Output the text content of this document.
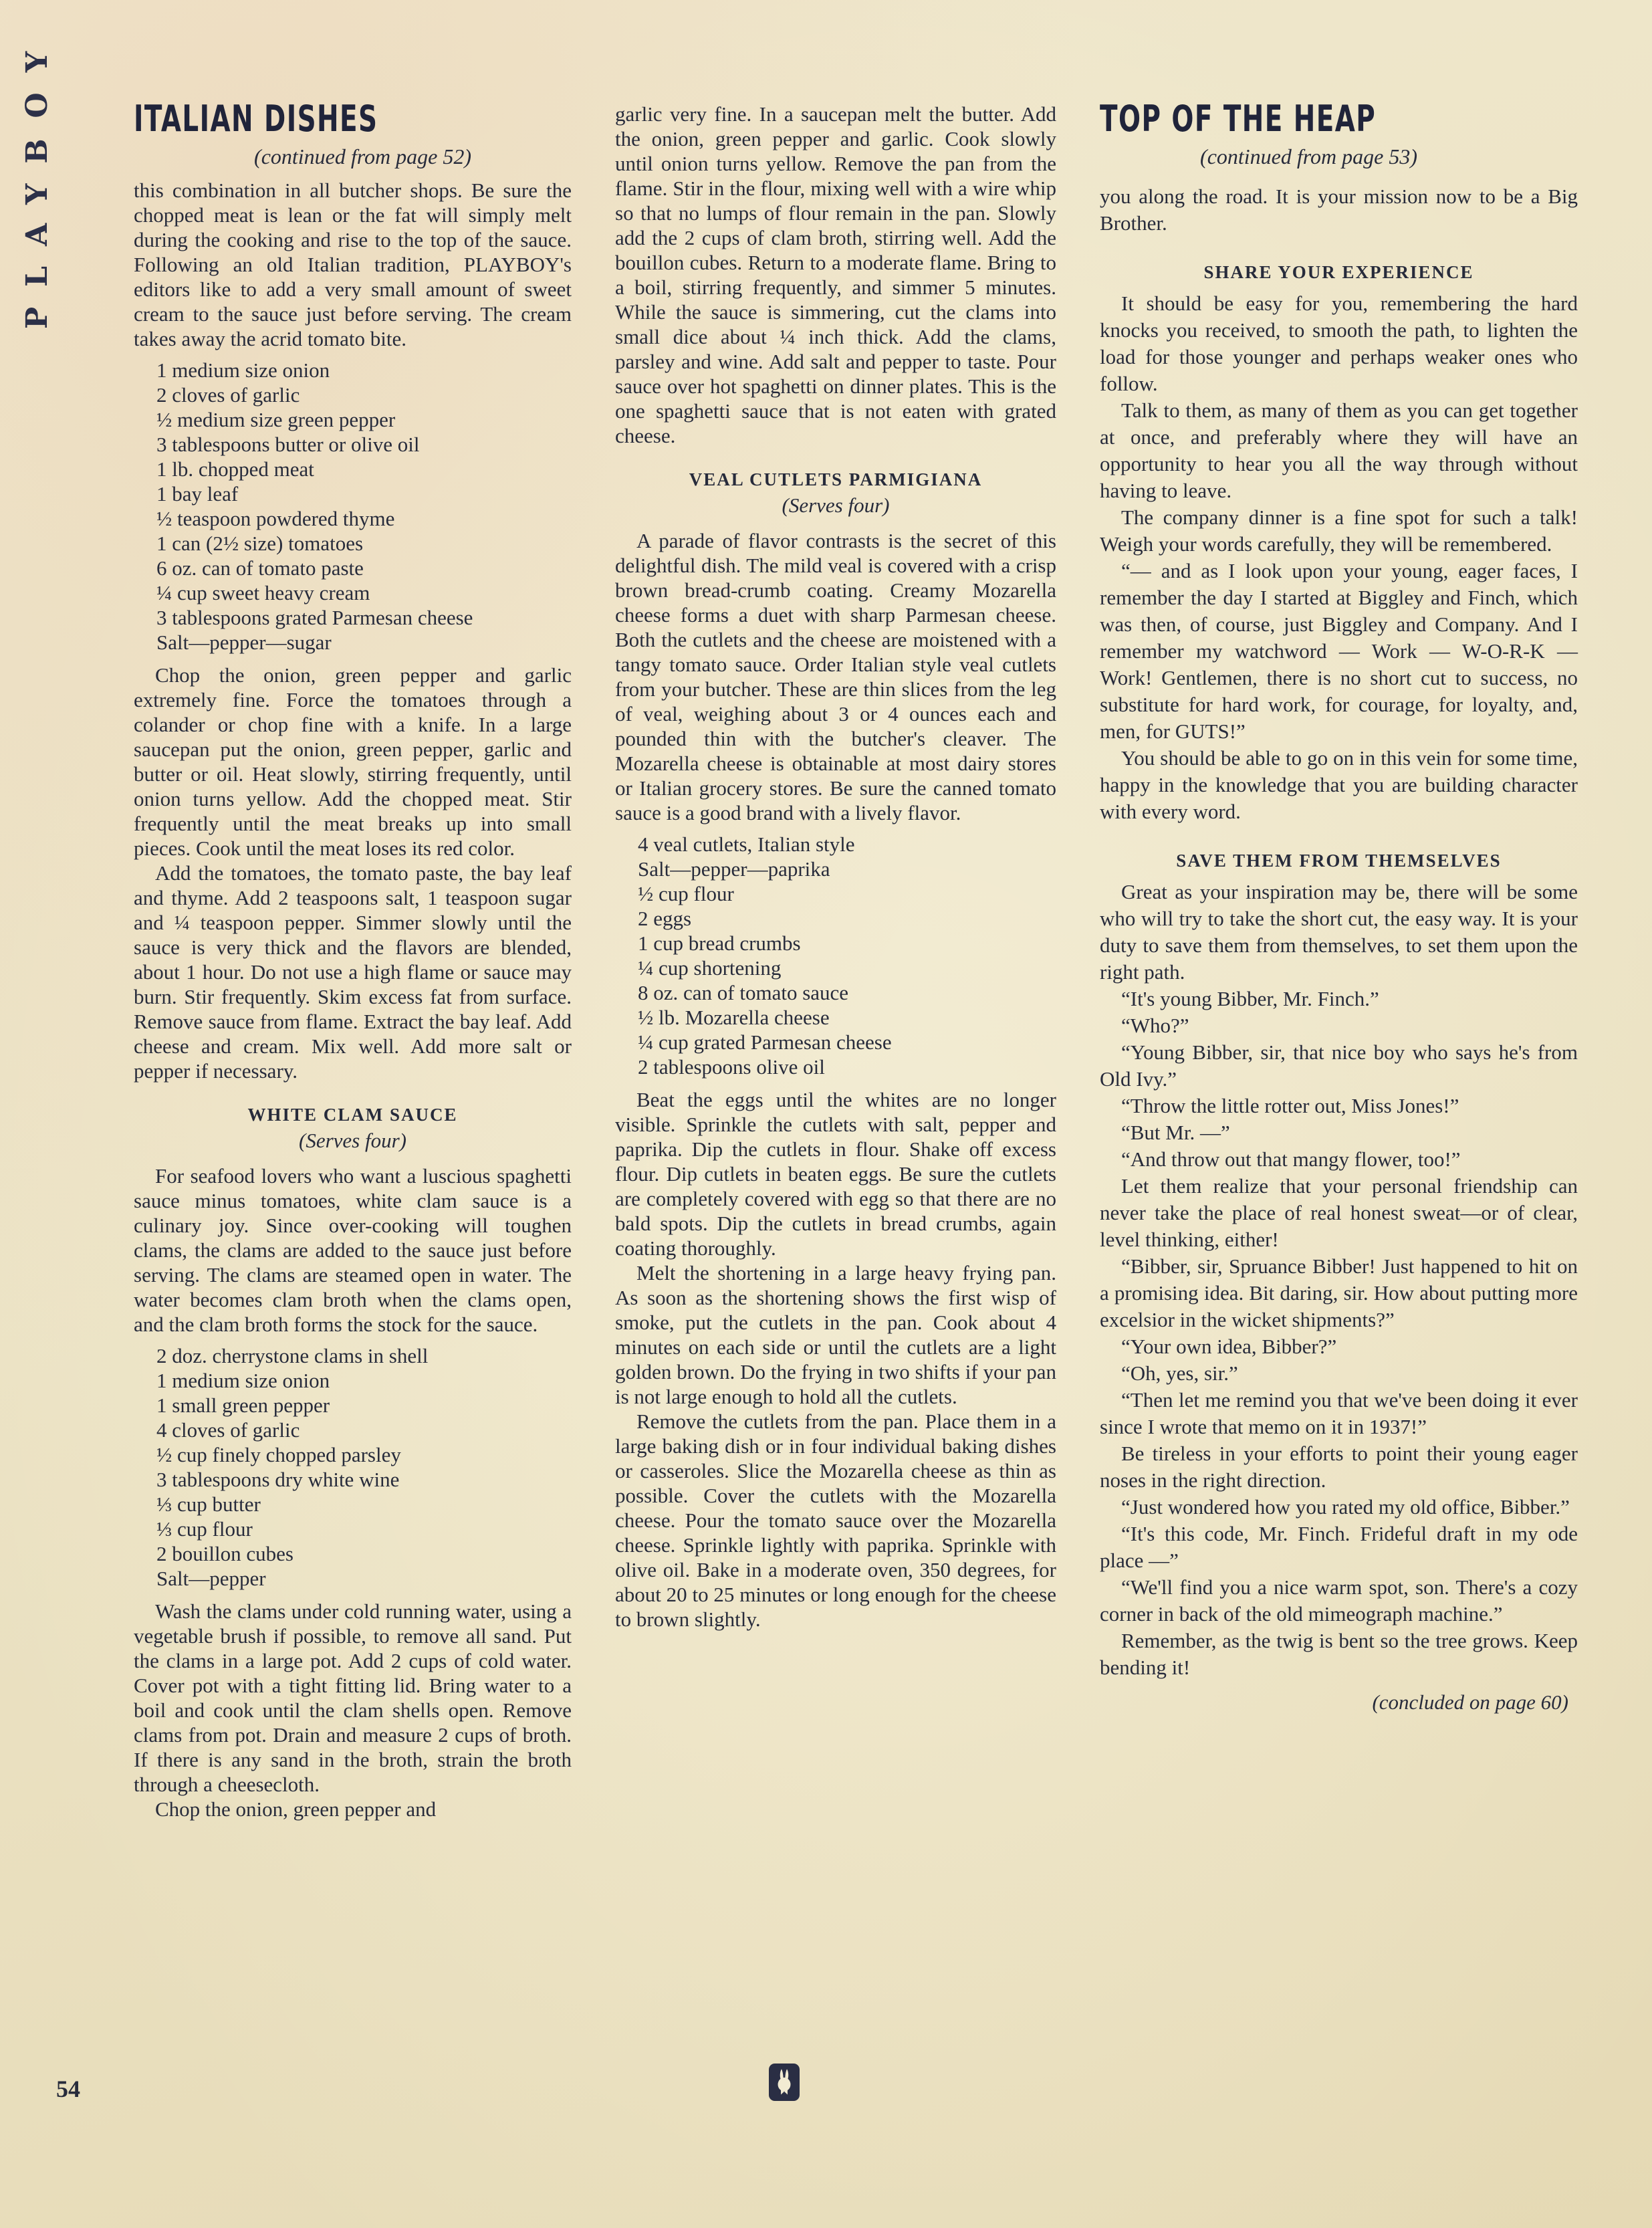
PLAYBOY ITALIAN DISHES
(continued from page 52)

this combination in all butcher shops. Be sure the chopped meat is lean or the fat will simply melt during the cooking and rise to the top of the sauce. Following an old Italian tradition, PLAYBOY's editors like to add a very small amount of sweet cream to the sauce just before serving. The cream takes away the acrid tomato bite.

1 medium size onion
2 cloves of garlic
½ medium size green pepper
3 tablespoons butter or olive oil
1 lb. chopped meat
1 bay leaf
½ teaspoon powdered thyme
1 can (2½ size) tomatoes
6 oz. can of tomato paste
¼ cup sweet heavy cream
3 tablespoons grated Parmesan cheese
Salt—pepper—sugar

Chop the onion, green pepper and garlic extremely fine. Force the tomatoes through a colander or chop fine with a knife. In a large saucepan put the onion, green pepper, garlic and butter or oil. Heat slowly, stirring frequently, until onion turns yellow. Add the chopped meat. Stir frequently until the meat breaks up into small pieces. Cook until the meat loses its red color.

Add the tomatoes, the tomato paste, the bay leaf and thyme. Add 2 teaspoons salt, 1 teaspoon sugar and ¼ teaspoon pepper. Simmer slowly until the sauce is very thick and the flavors are blended, about 1 hour. Do not use a high flame or sauce may burn. Stir frequently. Skim excess fat from surface. Remove sauce from flame. Extract the bay leaf. Add cheese and cream. Mix well. Add more salt or pepper if necessary.

WHITE CLAM SAUCE
(Serves four)

For seafood lovers who want a luscious spaghetti sauce minus tomatoes, white clam sauce is a culinary joy. Since over-cooking will toughen clams, the clams are added to the sauce just before serving. The clams are steamed open in water. The water becomes clam broth when the clams open, and the clam broth forms the stock for the sauce.

2 doz. cherrystone clams in shell
1 medium size onion
1 small green pepper
4 cloves of garlic
½ cup finely chopped parsley
3 tablespoons dry white wine
⅓ cup butter
⅓ cup flour
2 bouillon cubes
Salt—pepper

Wash the clams under cold running water, using a vegetable brush if possible, to remove all sand. Put the clams in a large pot. Add 2 cups of cold water. Cover pot with a tight fitting lid. Bring water to a boil and cook until the clam shells open. Remove clams from pot. Drain and measure 2 cups of broth. If there is any sand in the broth, strain the broth through a cheesecloth.

Chop the onion, green pepper and

garlic very fine. In a saucepan melt the butter. Add the onion, green pepper and garlic. Cook slowly until onion turns yellow. Remove the pan from the flame. Stir in the flour, mixing well with a wire whip so that no lumps of flour remain in the pan. Slowly add the 2 cups of clam broth, stirring well. Add the bouillon cubes. Return to a moderate flame. Bring to a boil, stirring frequently, and simmer 5 minutes. While the sauce is simmering, cut the clams into small dice about ¼ inch thick. Add the clams, parsley and wine. Add salt and pepper to taste. Pour sauce over hot spaghetti on dinner plates. This is the one spaghetti sauce that is not eaten with grated cheese.

VEAL CUTLETS PARMIGIANA
(Serves four)

A parade of flavor contrasts is the secret of this delightful dish. The mild veal is covered with a crisp brown bread-crumb coating. Creamy Mozarella cheese forms a duet with sharp Parmesan cheese. Both the cutlets and the cheese are moistened with a tangy tomato sauce. Order Italian style veal cutlets from your butcher. These are thin slices from the leg of veal, weighing about 3 or 4 ounces each and pounded thin with the butcher's cleaver. The Mozarella cheese is obtainable at most dairy stores or Italian grocery stores. Be sure the canned tomato sauce is a good brand with a lively flavor.

4 veal cutlets, Italian style
Salt—pepper—paprika
½ cup flour
2 eggs
1 cup bread crumbs
¼ cup shortening
8 oz. can of tomato sauce
½ lb. Mozarella cheese
¼ cup grated Parmesan cheese
2 tablespoons olive oil

Beat the eggs until the whites are no longer visible. Sprinkle the cutlets with salt, pepper and paprika. Dip the cutlets in flour. Shake off excess flour. Dip cutlets in beaten eggs. Be sure the cutlets are completely covered with egg so that there are no bald spots. Dip the cutlets in bread crumbs, again coating thoroughly.

Melt the shortening in a large heavy frying pan. As soon as the shortening shows the first wisp of smoke, put the cutlets in the pan. Cook about 4 minutes on each side or until the cutlets are a light golden brown. Do the frying in two shifts if your pan is not large enough to hold all the cutlets.

Remove the cutlets from the pan. Place them in a large baking dish or in four individual baking dishes or casseroles. Slice the Mozarella cheese as thin as possible. Cover the cutlets with the Mozarella cheese. Pour the tomato sauce over the Mozarella cheese. Sprinkle lightly with paprika. Sprinkle with olive oil. Bake in a moderate oven, 350 degrees, for about 20 to 25 minutes or long enough for the cheese to brown slightly.

TOP OF THE HEAP
(continued from page 53)

you along the road. It is your mission now to be a Big Brother.

SHARE YOUR EXPERIENCE

It should be easy for you, remembering the hard knocks you received, to smooth the path, to lighten the load for those younger and perhaps weaker ones who follow.

Talk to them, as many of them as you can get together at once, and preferably where they will have an opportunity to hear you all the way through without having to leave.

The company dinner is a fine spot for such a talk! Weigh your words carefully, they will be remembered.

“— and as I look upon your young, eager faces, I remember the day I started at Biggley and Finch, which was then, of course, just Biggley and Company. And I remember my watchword — Work — W-O-R-K — Work! Gentlemen, there is no short cut to success, no substitute for hard work, for courage, for loyalty, and, men, for GUTS!”

You should be able to go on in this vein for some time, happy in the knowledge that you are building character with every word.

SAVE THEM FROM THEMSELVES

Great as your inspiration may be, there will be some who will try to take the short cut, the easy way. It is your duty to save them from themselves, to set them upon the right path.

“It's young Bibber, Mr. Finch.”

“Who?”

“Young Bibber, sir, that nice boy who says he's from Old Ivy.”

“Throw the little rotter out, Miss Jones!”

“But Mr. —”

“And throw out that mangy flower, too!”

Let them realize that your personal friendship can never take the place of real honest sweat—or of clear, level thinking, either!

“Bibber, sir, Spruance Bibber! Just happened to hit on a promising idea. Bit daring, sir. How about putting more excelsior in the wicket shipments?”

“Your own idea, Bibber?”

“Oh, yes, sir.”

“Then let me remind you that we've been doing it ever since I wrote that memo on it in 1937!”

Be tireless in your efforts to point their young eager noses in the right direction.

“Just wondered how you rated my old office, Bibber.”

“It's this code, Mr. Finch. Frideful draft in my ode place —”

“We'll find you a nice warm spot, son. There's a cozy corner in back of the old mimeograph machine.”

Remember, as the twig is bent so the tree grows. Keep bending it!

(concluded on page 60)
54
